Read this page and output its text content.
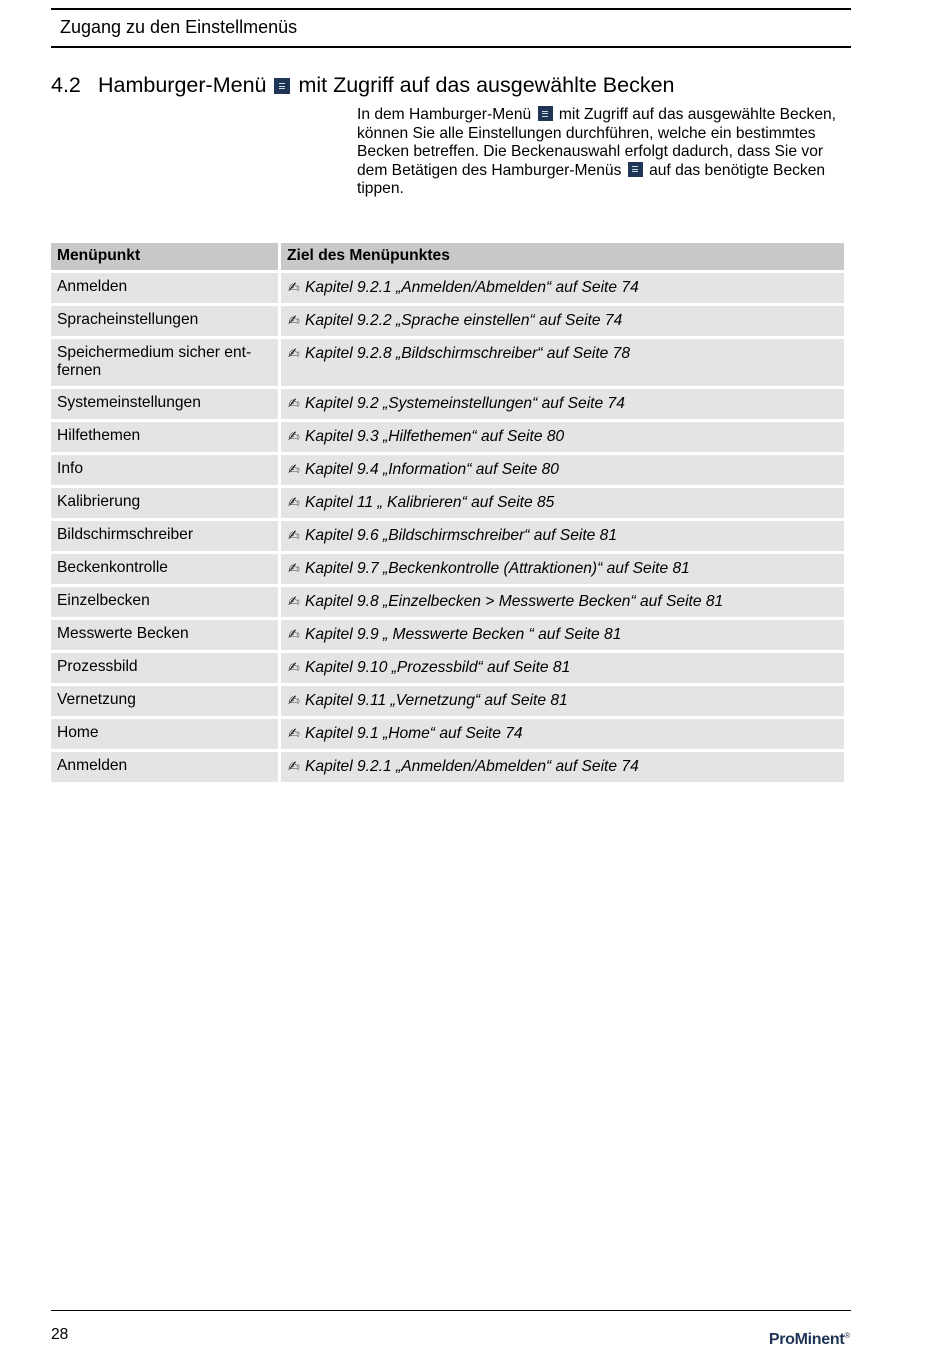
Zugang zu den Einstellmenüs
4.2 Hamburger-Menü mit Zugriff auf das ausgewählte Becken

In dem Hamburger-Menü mit Zugriff auf das ausgewählte Becken, können Sie alle Einstellungen durchführen, welche ein bestimmtes Becken betreffen. Die Beckenauswahl erfolgt dadurch, dass Sie vor dem Betätigen des Hamburger-Menüs auf das benötigte Becken tippen.

Menüpunkt	Ziel des Menüpunktes
Anmelden	✍ Kapitel 9.2.1 „Anmelden/Abmelden“ auf Seite 74
Spracheinstellungen	✍ Kapitel 9.2.2 „Sprache einstellen“ auf Seite 74
Speichermedium sicher ent-fernen	✍ Kapitel 9.2.8 „Bildschirmschreiber“ auf Seite 78
Systemeinstellungen	✍ Kapitel 9.2 „Systemeinstellungen“ auf Seite 74
Hilfethemen	✍ Kapitel 9.3 „Hilfethemen“ auf Seite 80
Info	✍ Kapitel 9.4 „Information“ auf Seite 80
Kalibrierung	✍ Kapitel 11 „ Kalibrieren“ auf Seite 85
Bildschirmschreiber	✍ Kapitel 9.6 „Bildschirmschreiber“ auf Seite 81
Beckenkontrolle	✍ Kapitel 9.7 „Beckenkontrolle (Attraktionen)“ auf Seite 81
Einzelbecken	✍ Kapitel 9.8 „Einzelbecken > Messwerte Becken“ auf Seite 81
Messwerte Becken	✍ Kapitel 9.9 „ Messwerte Becken “ auf Seite 81
Prozessbild	✍ Kapitel 9.10 „Prozessbild“ auf Seite 81
Vernetzung	✍ Kapitel 9.11 „Vernetzung“ auf Seite 81
Home	✍ Kapitel 9.1 „Home“ auf Seite 74
Anmelden	✍ Kapitel 9.2.1 „Anmelden/Abmelden“ auf Seite 74
28	ProMinent®
